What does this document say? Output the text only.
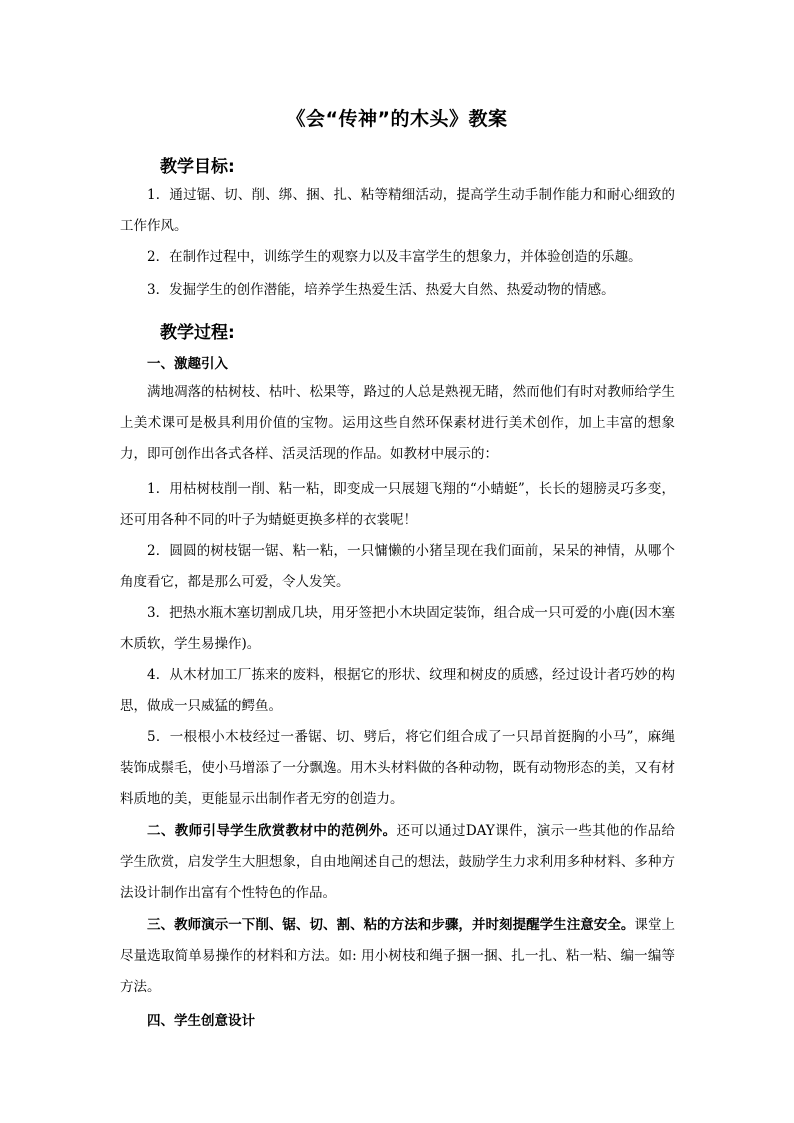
《会“传神”的木头》教案
教学目标:
1．通过锯、切、削、绑、捆、扎、粘等精细活动，提高学生动手制作能力和耐心细致的工作作风。
2．在制作过程中，训练学生的观察力以及丰富学生的想象力，并体验创造的乐趣。
3．发掘学生的创作潜能，培养学生热爱生活、热爱大自然、热爱动物的情感。
教学过程:
一、激趣引入
满地凋落的枯树枝、枯叶、松果等，路过的人总是熟视无睹，然而他们有时对教师给学生上美术课可是极具利用价值的宝物。运用这些自然环保素材进行美术创作，加上丰富的想象力，即可创作出各式各样、活灵活现的作品。如教材中展示的：
1．用枯树枝削一削、粘一粘，即变成一只展翅飞翔的“小蜻蜓”，长长的翅膀灵巧多变，还可用各种不同的叶子为蜻蜓更换多样的衣裳呢！
2．圆圆的树枝锯一锯、粘一粘，一只慵懒的小猪呈现在我们面前，呆呆的神情，从哪个角度看它，都是那么可爱，令人发笑。
3．把热水瓶木塞切割成几块，用牙签把小木块固定装饰，组合成一只可爱的小鹿(因木塞木质软，学生易操作)。
4．从木材加工厂拣来的废料，根据它的形状、纹理和树皮的质感，经过设计者巧妙的构思，做成一只威猛的鳄鱼。
5．一根根小木枝经过一番锯、切、劈后，将它们组合成了一只昂首挺胸的小马”，麻绳装饰成鬃毛，使小马增添了一分飘逸。用木头材料做的各种动物，既有动物形态的美，又有材料质地的美，更能显示出制作者无穷的创造力。
二、教师引导学生欣赏教材中的范例外。还可以通过DAY课件，演示一些其他的作品给学生欣赏，启发学生大胆想象，自由地阐述自己的想法，鼓励学生力求利用多种材料、多种方法设计制作出富有个性特色的作品。
三、教师演示一下削、锯、切、割、粘的方法和步骤，并时刻提醒学生注意安全。课堂上尽量选取简单易操作的材料和方法。如: 用小树枝和绳子捆一捆、扎一扎、粘一粘、编一编等方法。
四、学生创意设计
